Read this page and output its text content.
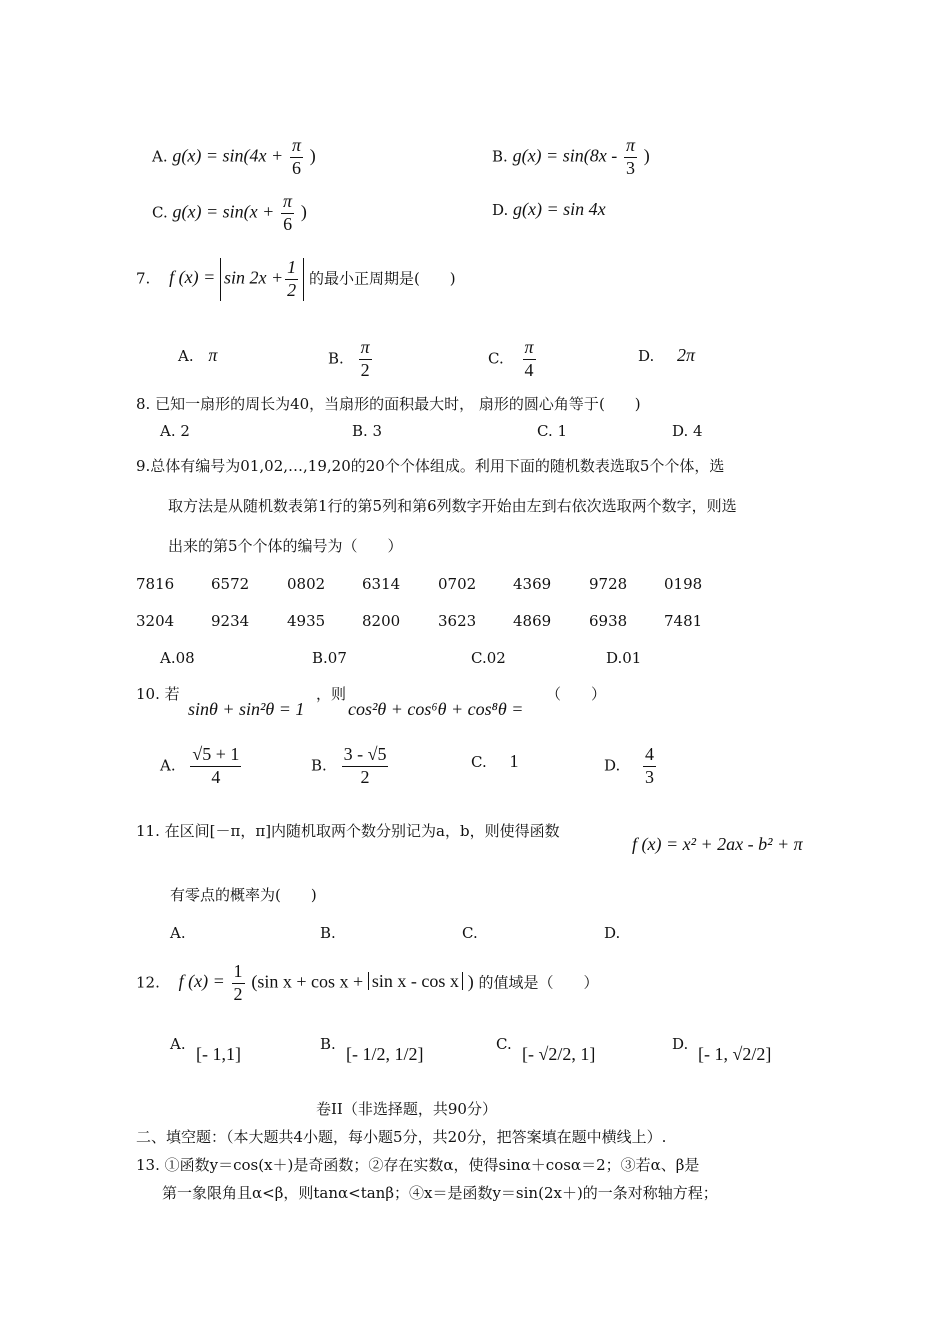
A. $g(x) = \sin(4x + \frac{\pi}{6}$ )	B. $g(x) = \sin(8x - \frac{\pi}{3}$ )
C. $g(x) = \sin(x + \frac{\pi}{6}$ )	D. g(x) = sin 4x
7. f $(x) = \sin 2x + \frac{1}{2}$ 的最小正周期是(　　)
A. π	B. $\frac{\pi}{2}$	C. $\frac{\pi}{4}$	D. 2π
8. 已知一扇形的周长为40，当扇形的面积最大时， 扇形的圆心角等于(　　)
A. 2	B. 3	C. 1	D. 4
9.总体有编号为01,02,…,19,20的20个个体组成。利用下面的随机数表选取5个个体，选
取方法是从随机数表第1行的第5列和第6列数字开始由左到右依次选取两个数字，则选
出来的第5个个体的编号为（　　）
7816 6572	0802 6314	0702 4369	9728 0198
3204 9234	4935 8200	3623 4869	6938 7481
A.08	B.07	C.02	D.01
10. 若
sinθ + sin²θ = 1
，则
cos²θ + cos⁶θ + cos⁸θ =
（　　）
A. $\frac{√5 + 1}{4}$	B. $\frac{3 - √5}{2}$	C. 1	D. $\frac{4}{3}$
11. 在区间[－π，π]内随机取两个数分别记为a，b，则使得函数
f (x) = x² + 2ax - b² + π
有零点的概率为(　　)
A.	B.	C.	D.
12. f $(x) = \frac{1}{2} (\sin$ x + cos x + sin x - cos x ) 的值域是（　　）
A. [- 1,1]	B. [- 1/2, 1/2]	C. [- √2/2, 1]	D. [- 1, √2/2]
卷II（非选择题，共90分）
二、填空题：（本大题共4小题，每小题5分，共20分，把答案填在题中横线上）.
13. ①函数y＝cos(x＋)是奇函数；②存在实数α，使得sinα＋cosα＝2；③若α、β是
第一象限角且α<β，则tanα<tanβ；④x＝是函数y＝sin(2x＋)的一条对称轴方程；
